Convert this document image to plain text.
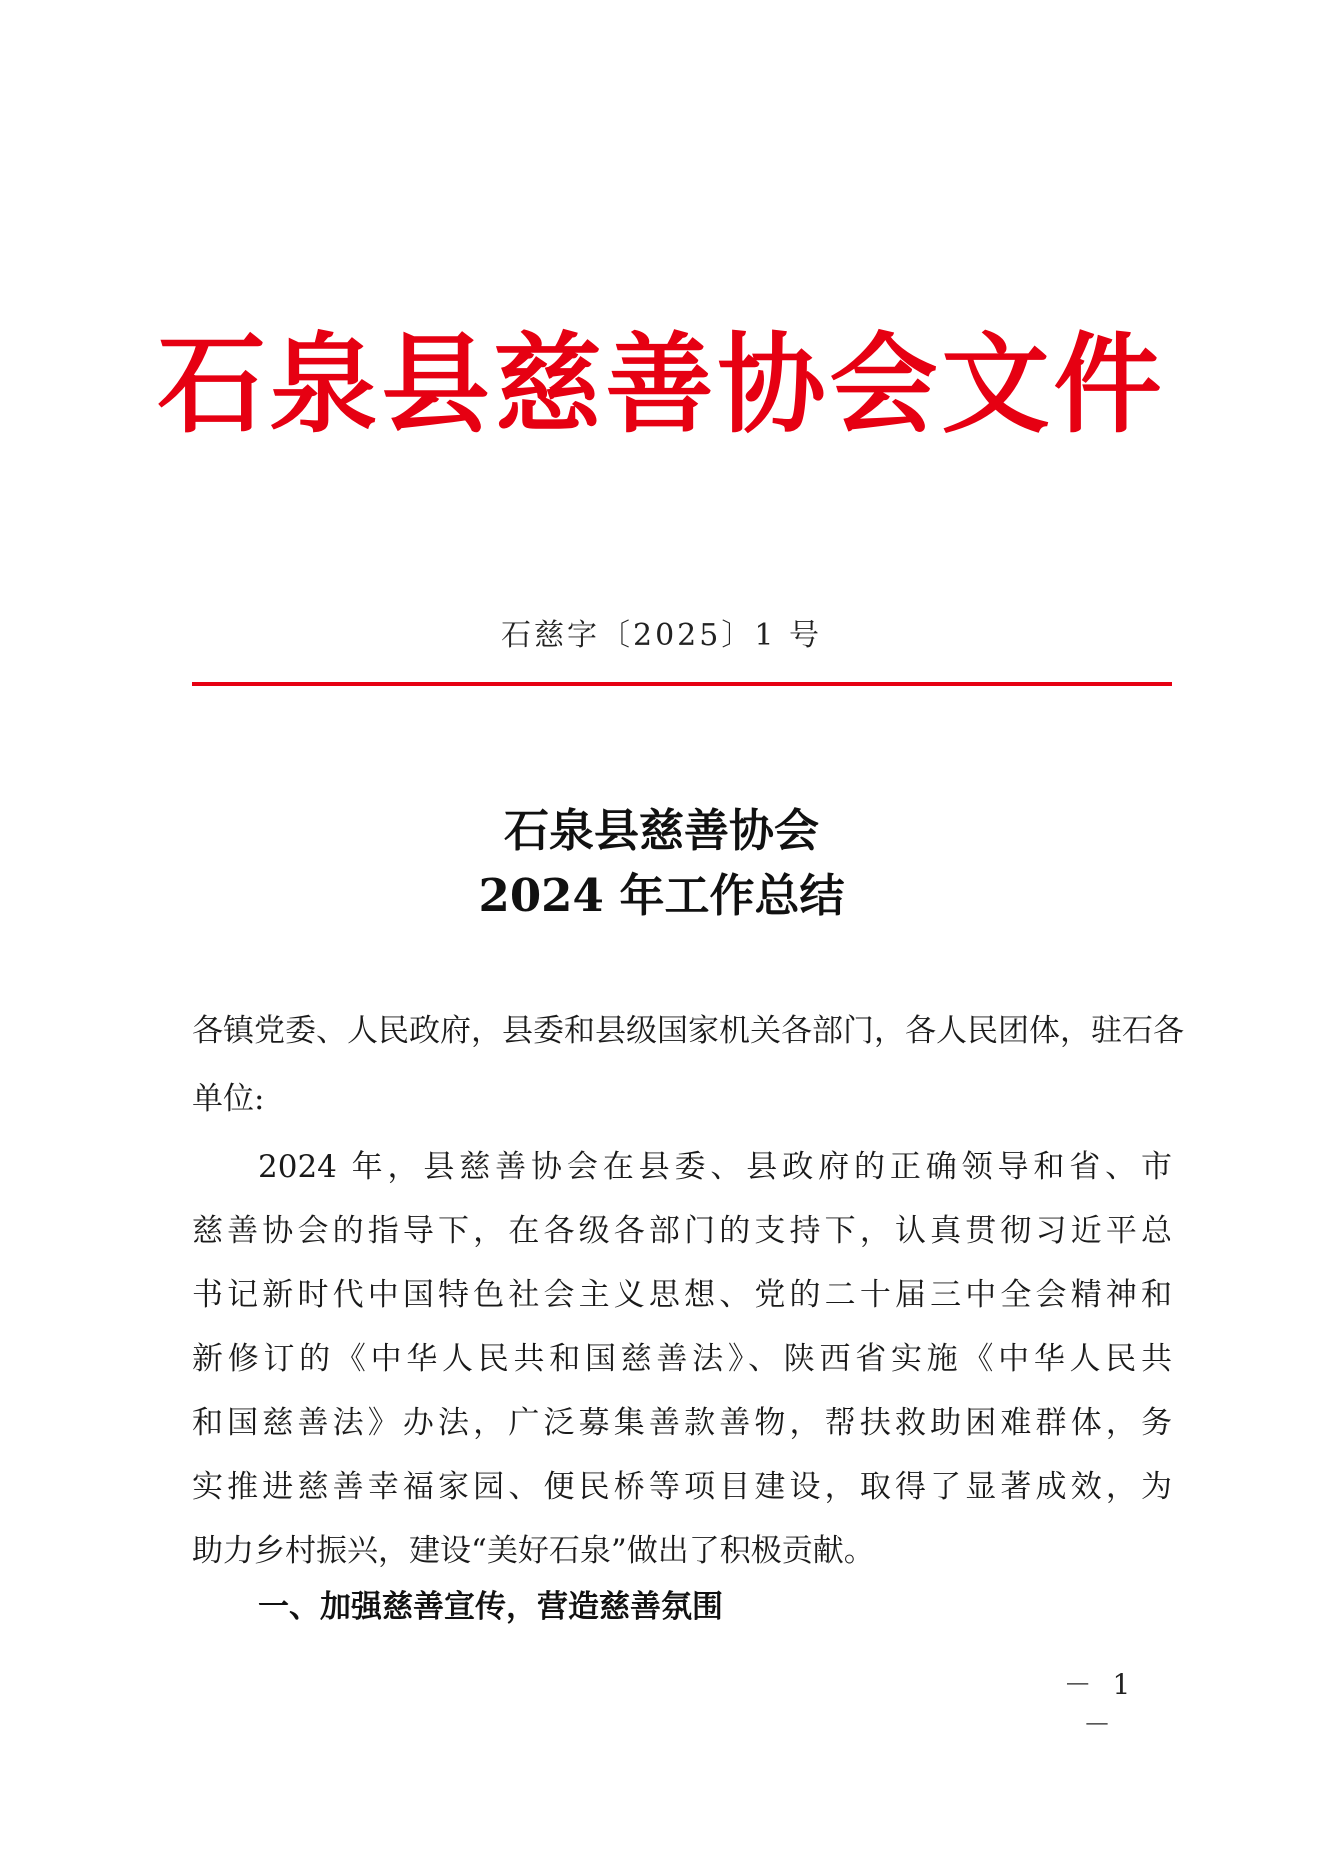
石泉县慈善协会文件
石慈字〔2025〕1 号
石泉县慈善协会
2024 年工作总结
各镇党委、人民政府，县委和县级国家机关各部门，各人民团体，驻石各
单位:
2024 年，县慈善协会在县委、县政府的正确领导和省、市
慈善协会的指导下，在各级各部门的支持下，认真贯彻习近平总
书记新时代中国特色社会主义思想、党的二十届三中全会精神和
新修订的《中华人民共和国慈善法》、陕西省实施《中华人民共
和国慈善法》办法，广泛募集善款善物，帮扶救助困难群体，务
实推进慈善幸福家园、便民桥等项目建设，取得了显著成效，为
助力乡村振兴，建设“美好石泉”做出了积极贡献。
一、加强慈善宣传，营造慈善氛围
－ 1 －
